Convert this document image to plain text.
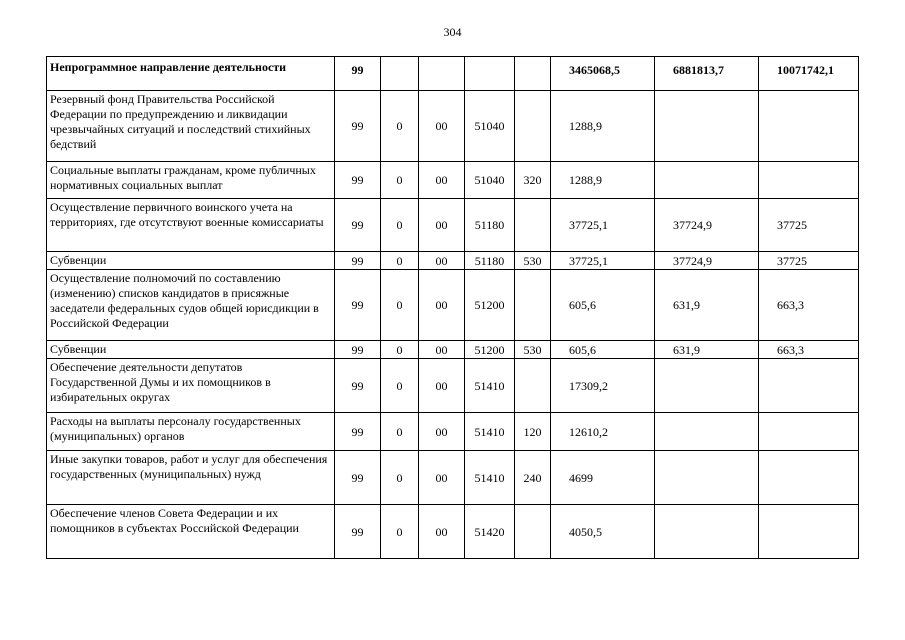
304
Непрограммное направление деятельности	99					3465068,5	6881813,7	10071742,1
Резервный фонд Правительства Российской Федерации по предупреждению и ликвидации чрезвычайных ситуаций и последствий стихийных бедствий	99	0	00	51040		1288,9		
Социальные выплаты гражданам, кроме публичных нормативных социальных выплат	99	0	00	51040	320	1288,9		
Осуществление первичного воинского учета на территориях, где отсутствуют военные комиссариаты	99	0	00	51180		37725,1	37724,9	37725
Субвенции	99	0	00	51180	530	37725,1	37724,9	37725
Осуществление полномочий по составлению (изменению) списков кандидатов в присяжные заседатели федеральных судов общей юрисдикции в Российской Федерации	99	0	00	51200		605,6	631,9	663,3
Субвенции	99	0	00	51200	530	605,6	631,9	663,3
Обеспечение деятельности депутатов Государственной Думы и их помощников в избирательных округах	99	0	00	51410		17309,2		
Расходы на выплаты персоналу государственных (муниципальных) органов	99	0	00	51410	120	12610,2		
Иные закупки товаров, работ и услуг для обеспечения государственных (муниципальных) нужд	99	0	00	51410	240	4699		
Обеспечение членов Совета Федерации и их помощников в субъектах Российской Федерации	99	0	00	51420		4050,5		
